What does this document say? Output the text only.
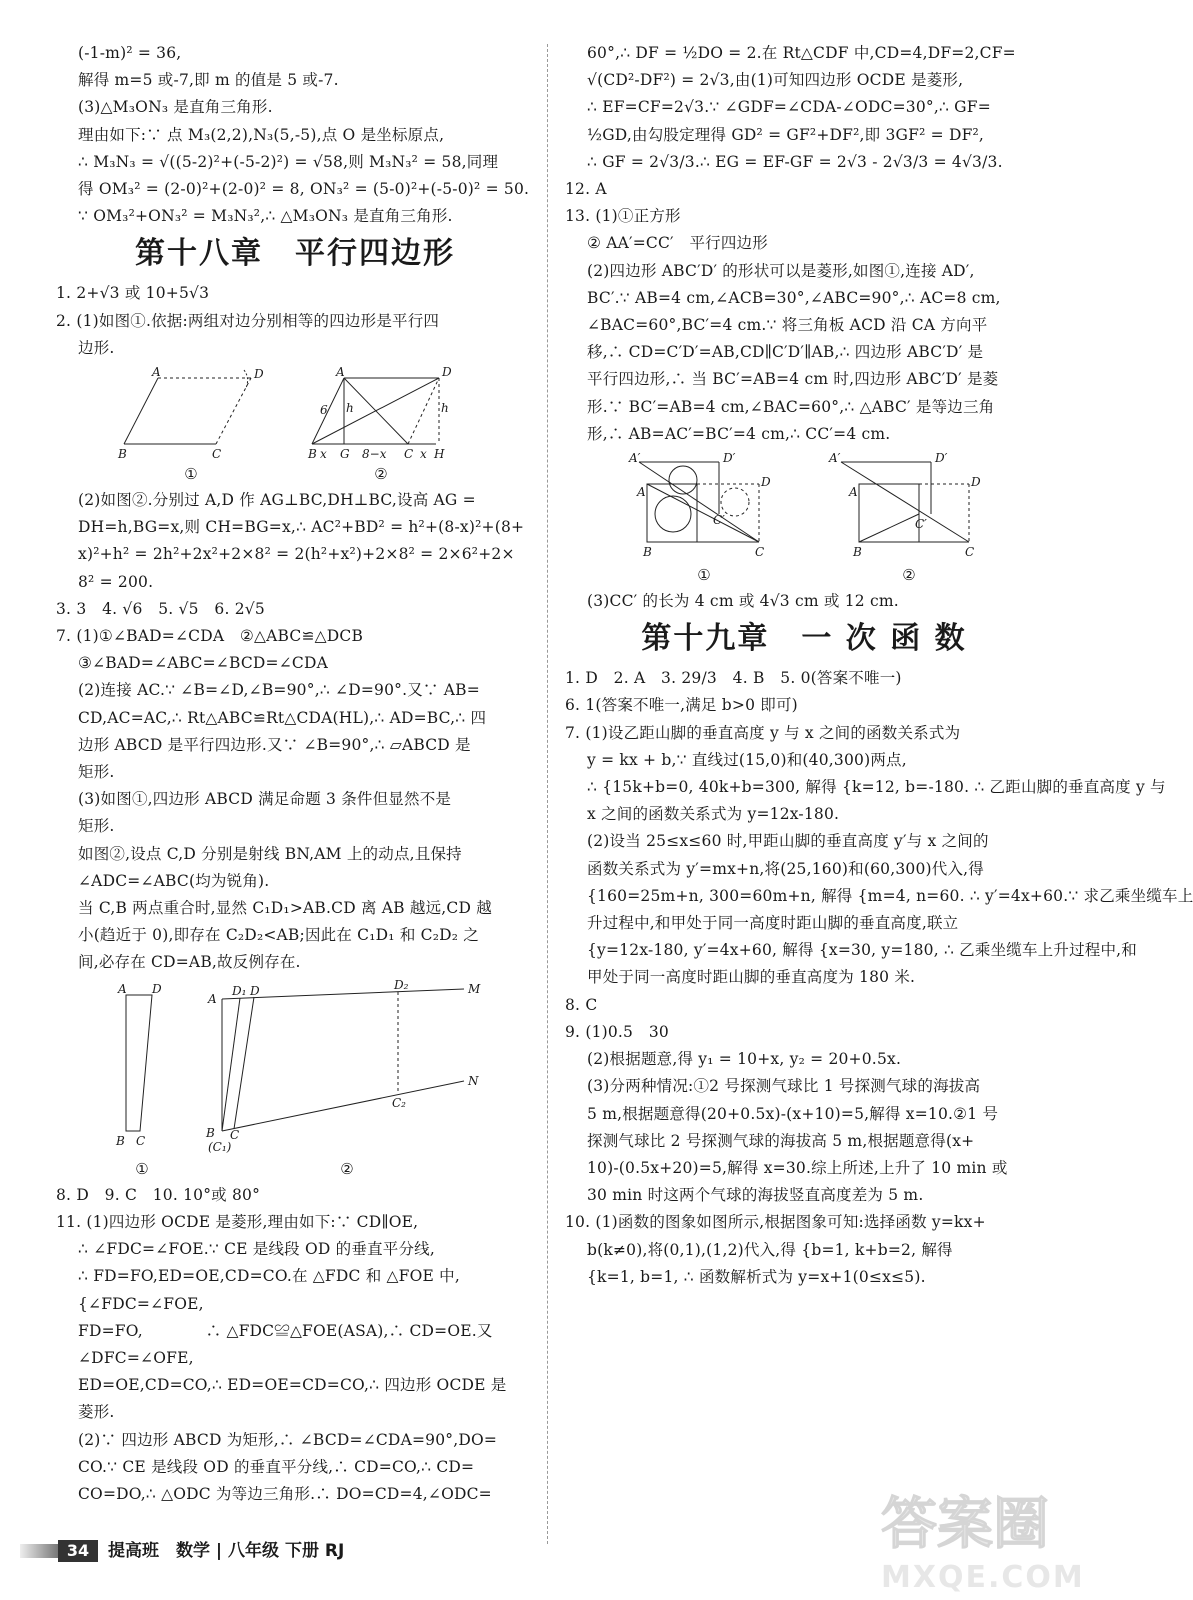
(-1-m)² = 36,

解得 m=5 或-7,即 m 的值是 5 或-7.

(3)△M₃ON₃ 是直角三角形.

理由如下:∵ 点 M₃(2,2),N₃(5,-5),点 O 是坐标原点,

∴ M₃N₃ = √((5-2)²+(-5-2)²) = √58,则 M₃N₃² = 58,同理

得 OM₃² = (2-0)²+(2-0)² = 8, ON₃² = (5-0)²+(-5-0)² = 50.

∵ OM₃²+ON₃² = M₃N₃²,∴ △M₃ON₃ 是直角三角形.

第十八章　平行四边形

1. 2+√3 或 10+5√3

2. (1)如图①.依据:两组对边分别相等的四边形是平行四

边形.

A	D
B	C
①
A	D
6 h	h
B x G 8−x C x H
②

(2)如图②.分别过 A,D 作 AG⊥BC,DH⊥BC,设高 AG =

DH=h,BG=x,则 CH=BG=x,∴ AC²+BD² = h²+(8-x)²+(8+

x)²+h² = 2h²+2x²+2×8² = 2(h²+x²)+2×8² = 2×6²+2×

8² = 200.

3. 3　4. √6　5. √5　6. 2√5

7. (1)①∠BAD=∠CDA　②△ABC≌△DCB

③∠BAD=∠ABC=∠BCD=∠CDA

(2)连接 AC.∵ ∠B=∠D,∠B=90°,∴ ∠D=90°.又∵ AB=

CD,AC=AC,∴ Rt△ABC≌Rt△CDA(HL),∴ AD=BC,∴ 四

边形 ABCD 是平行四边形.又∵ ∠B=90°,∴ ▱ABCD 是

矩形.

(3)如图①,四边形 ABCD 满足命题 3 条件但显然不是

矩形.

如图②,设点 C,D 分别是射线 BN,AM 上的动点,且保持

∠ADC=∠ABC(均为锐角).

当 C,B 两点重合时,显然 C₁D₁>AB.CD 离 AB 越远,CD 越

小(趋近于 0),即存在 C₂D₂<AB;因此在 C₁D₁ 和 C₂D₂ 之

间,必存在 CD=AB,故反例存在.

A D
B C
①
A
D₁ D	D₂	M
N
C₂
B
(C₁)
C
②

8. D　9. C　10. 10°或 80°

11. (1)四边形 OCDE 是菱形,理由如下:∵ CD∥OE,

∴ ∠FDC=∠FOE.∵ CE 是线段 OD 的垂直平分线,

∴ FD=FO,ED=OE,CD=CO.在 △FDC 和 △FOE 中,

{∠FDC=∠FOE,

FD=FO,　　　　∴ △FDC≌△FOE(ASA),∴ CD=OE.又

∠DFC=∠OFE,

ED=OE,CD=CO,∴ ED=OE=CD=CO,∴ 四边形 OCDE 是

菱形.

(2)∵ 四边形 ABCD 为矩形,∴ ∠BCD=∠CDA=90°,DO=

CO.∵ CE 是线段 OD 的垂直平分线,∴ CD=CO,∴ CD=

CO=DO,∴ △ODC 为等边三角形.∴ DO=CD=4,∠ODC=

60°,∴ DF = ½DO = 2.在 Rt△CDF 中,CD=4,DF=2,CF=

√(CD²-DF²) = 2√3,由(1)可知四边形 OCDE 是菱形,

∴ EF=CF=2√3.∵ ∠GDF=∠CDA-∠ODC=30°,∴ GF=

½GD,由勾股定理得 GD² = GF²+DF²,即 3GF² = DF²,

∴ GF = 2√3/3.∴ EG = EF-GF = 2√3 - 2√3/3 = 4√3/3.

12. A

13. (1)①正方形

② AA′=CC′　平行四边形

(2)四边形 ABC′D′ 的形状可以是菱形,如图①,连接 AD′,

BC′.∵ AB=4 cm,∠ACB=30°,∠ABC=90°,∴ AC=8 cm,

∠BAC=60°,BC′=4 cm.∵ 将三角板 ACD 沿 CA 方向平

移,∴ CD=C′D′=AB,CD∥C′D′∥AB,∴ 四边形 ABC′D′ 是

平行四边形,∴ 当 BC′=AB=4 cm 时,四边形 ABC′D′ 是菱

形.∵ BC′=AB=4 cm,∠BAC=60°,∴ △ABC′ 是等边三角

形,∴ AB=AC′=BC′=4 cm,∴ CC′=4 cm.

A′	D′
D
A
C′
B	C
①
A′	D′
D
A
C′
B	C
②

(3)CC′ 的长为 4 cm 或 4√3 cm 或 12 cm.

第十九章　一 次 函 数

1. D　2. A　3. 29/3　4. B　5. 0(答案不唯一)

6. 1(答案不唯一,满足 b>0 即可)

7. (1)设乙距山脚的垂直高度 y 与 x 之间的函数关系式为

y = kx + b,∵ 直线过(15,0)和(40,300)两点,

∴ {15k+b=0, 40k+b=300, 解得 {k=12, b=-180. ∴ 乙距山脚的垂直高度 y 与

x 之间的函数关系式为 y=12x-180.

(2)设当 25≤x≤60 时,甲距山脚的垂直高度 y′与 x 之间的

函数关系式为 y′=mx+n,将(25,160)和(60,300)代入,得

{160=25m+n, 300=60m+n, 解得 {m=4, n=60. ∴ y′=4x+60.∵ 求乙乘坐缆车上

升过程中,和甲处于同一高度时距山脚的垂直高度,联立

{y=12x-180, y′=4x+60, 解得 {x=30, y=180, ∴ 乙乘坐缆车上升过程中,和

甲处于同一高度时距山脚的垂直高度为 180 米.

8. C

9. (1)0.5　30

(2)根据题意,得 y₁ = 10+x, y₂ = 20+0.5x.

(3)分两种情况:①2 号探测气球比 1 号探测气球的海拔高

5 m,根据题意得(20+0.5x)-(x+10)=5,解得 x=10.②1 号

探测气球比 2 号探测气球的海拔高 5 m,根据题意得(x+

10)-(0.5x+20)=5,解得 x=30.综上所述,上升了 10 min 或

30 min 时这两个气球的海拔竖直高度差为 5 m.

10. (1)函数的图象如图所示,根据图象可知:选择函数 y=kx+

b(k≠0),将(0,1),(1,2)代入,得 {b=1, k+b=2, 解得

{k=1, b=1, ∴ 函数解析式为 y=x+1(0≤x≤5).

34	提高班　数学 | 八年级 下册 RJ	答案圈
MXQE.COM
